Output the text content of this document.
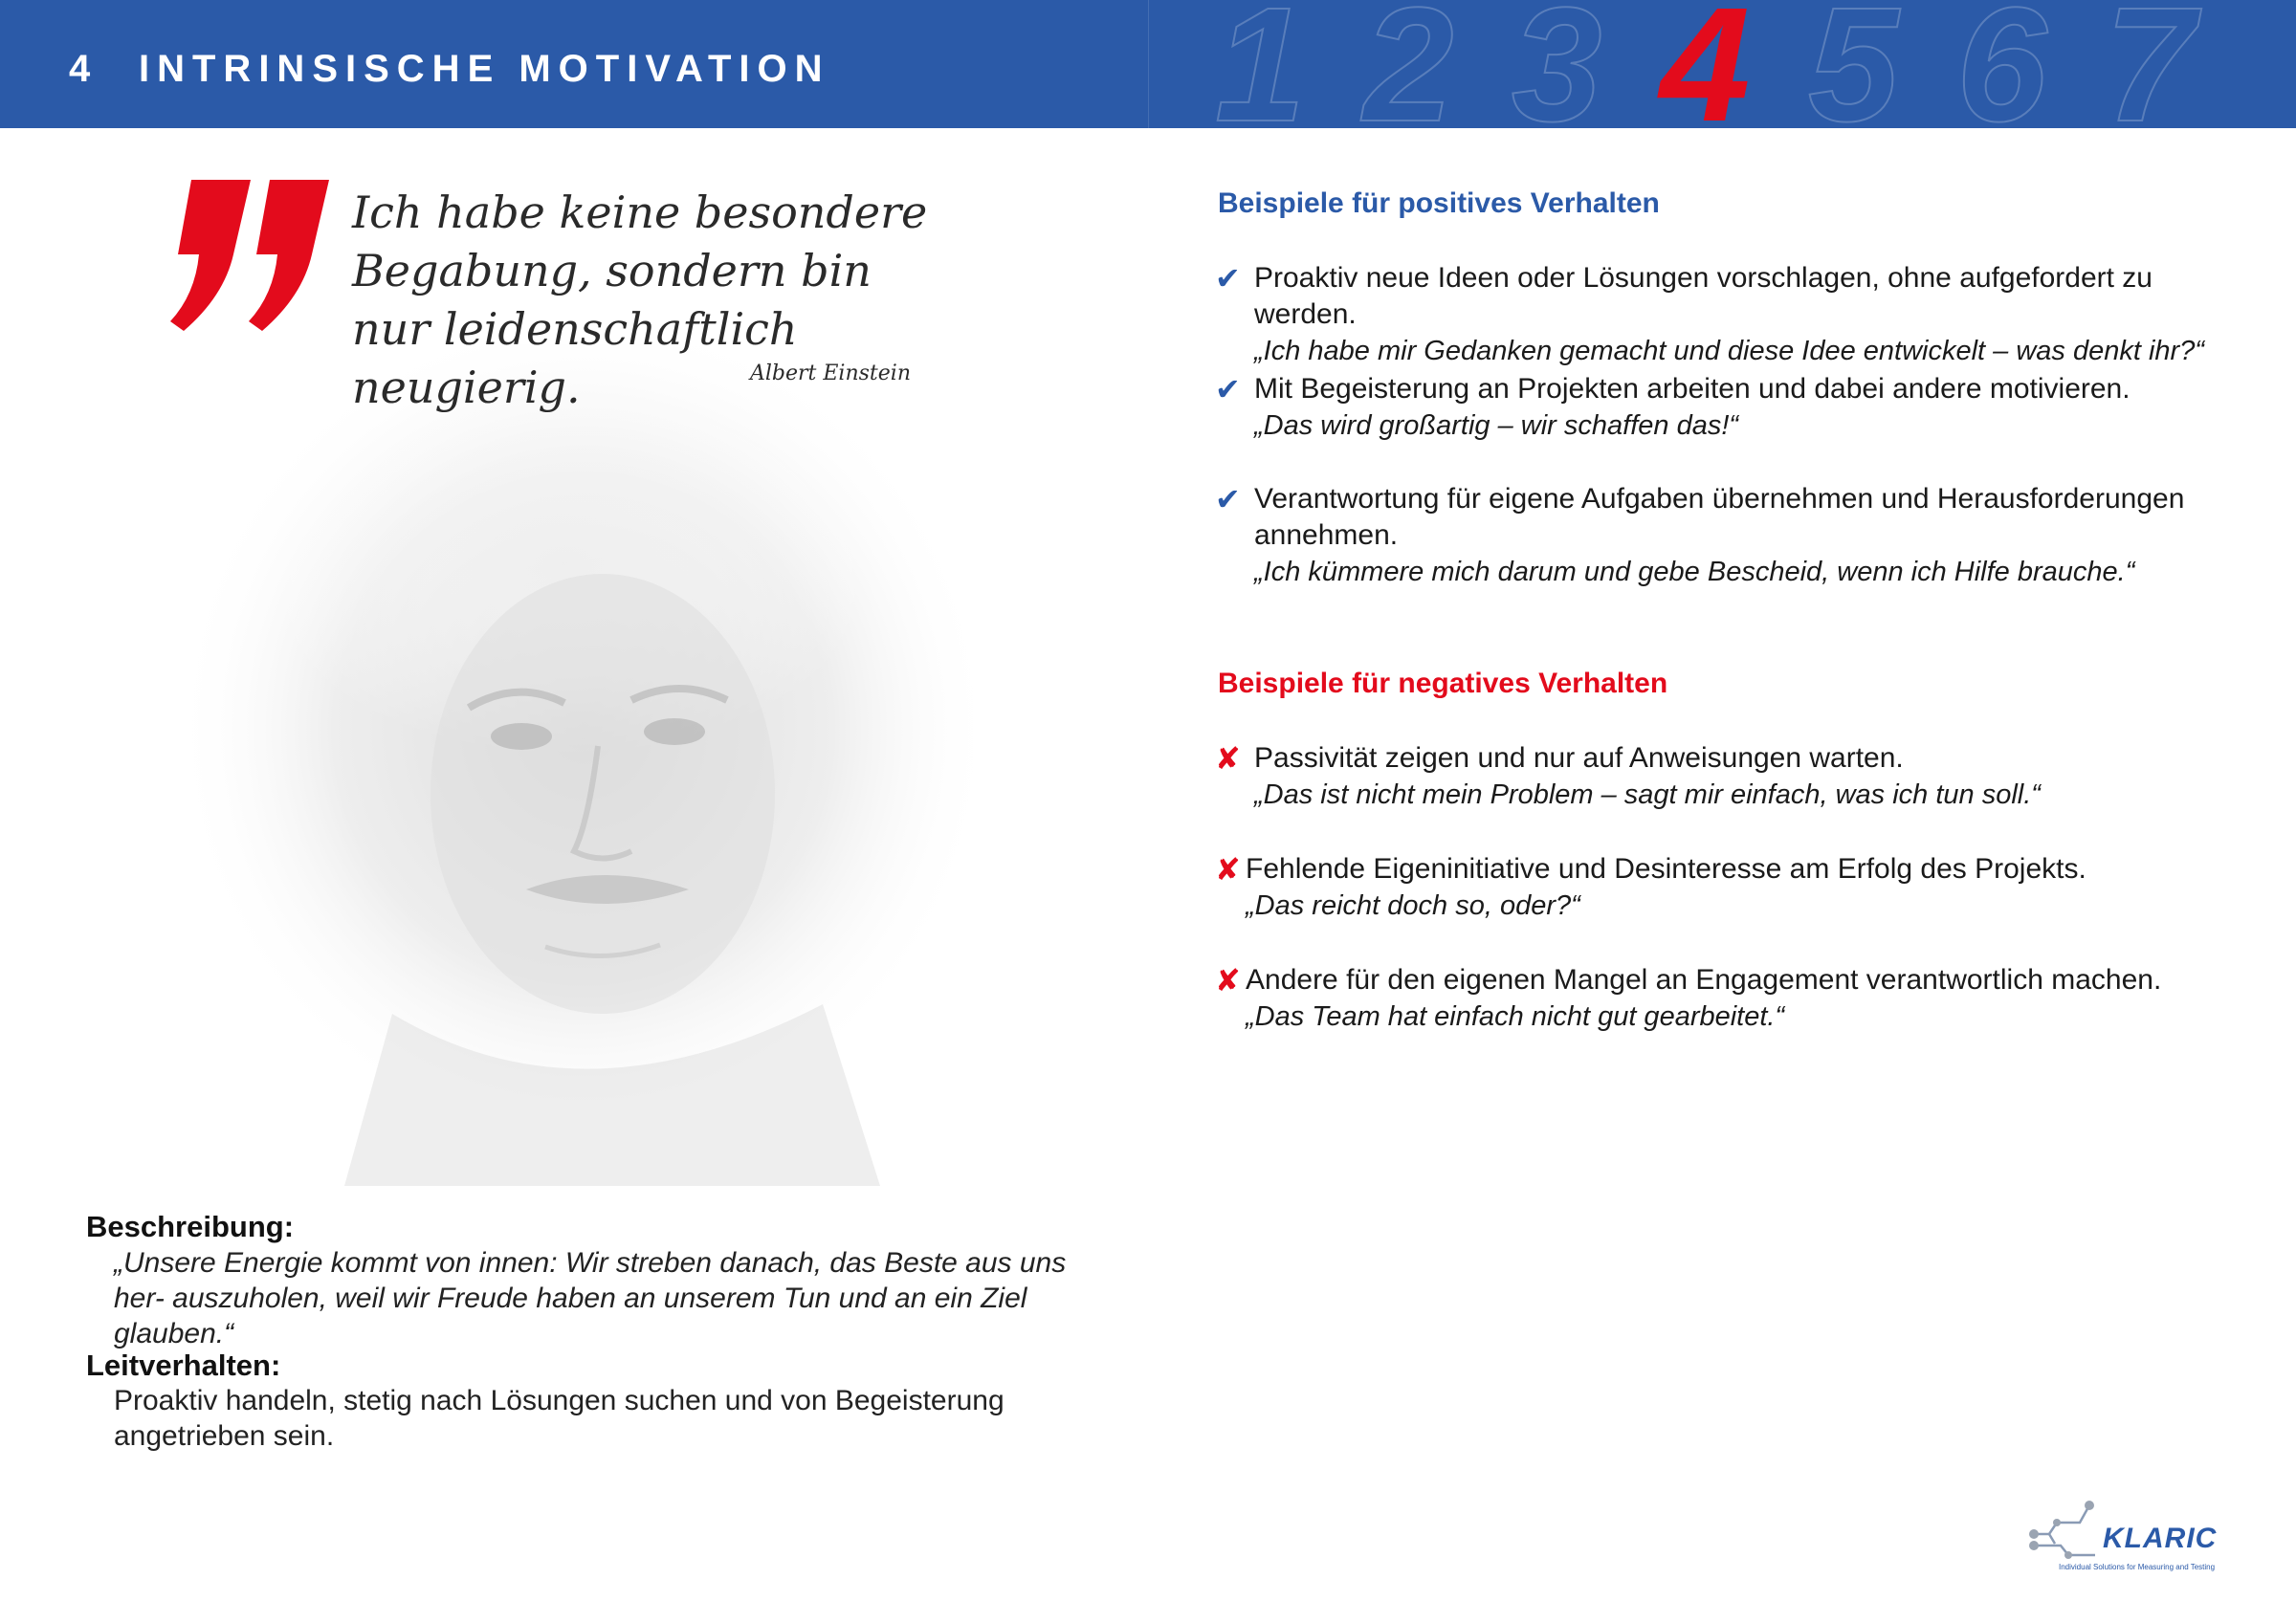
4 INTRINSISCHE MOTIVATION 1 2 3 4 5 6 7
Ich habe keine besondere Begabung, sondern bin nur leidenschaftlich neugierig.	Albert Einstein
Beschreibung:
„Unsere Energie kommt von innen: Wir streben danach, das Beste aus uns her- auszuholen, weil wir Freude haben an unserem Tun und an ein Ziel glauben.“
Leitverhalten:
Proaktiv handeln, stetig nach Lösungen suchen und von Begeisterung angetrieben sein.
Beispiele für positives Verhalten
✔ Proaktiv neue Ideen oder Lösungen vorschlagen, ohne aufgefordert zu werden.
„Ich habe mir Gedanken gemacht und diese Idee entwickelt – was denkt ihr?“
✔ Mit Begeisterung an Projekten arbeiten und dabei andere motivieren.
„Das wird großartig – wir schaffen das!“
✔ Verantwortung für eigene Aufgaben übernehmen und Herausforderungen annehmen.
„Ich kümmere mich darum und gebe Bescheid, wenn ich Hilfe brauche.“
Beispiele für negatives Verhalten
✘ Passivität zeigen und nur auf Anweisungen warten.
„Das ist nicht mein Problem – sagt mir einfach, was ich tun soll.“
✘ Fehlende Eigeninitiative und Desinteresse am Erfolg des Projekts.
„Das reicht doch so, oder?“
✘ Andere für den eigenen Mangel an Engagement verantwortlich machen.
„Das Team hat einfach nicht gut gearbeitet.“
KLARIC
Individual Solutions for Measuring and Testing
